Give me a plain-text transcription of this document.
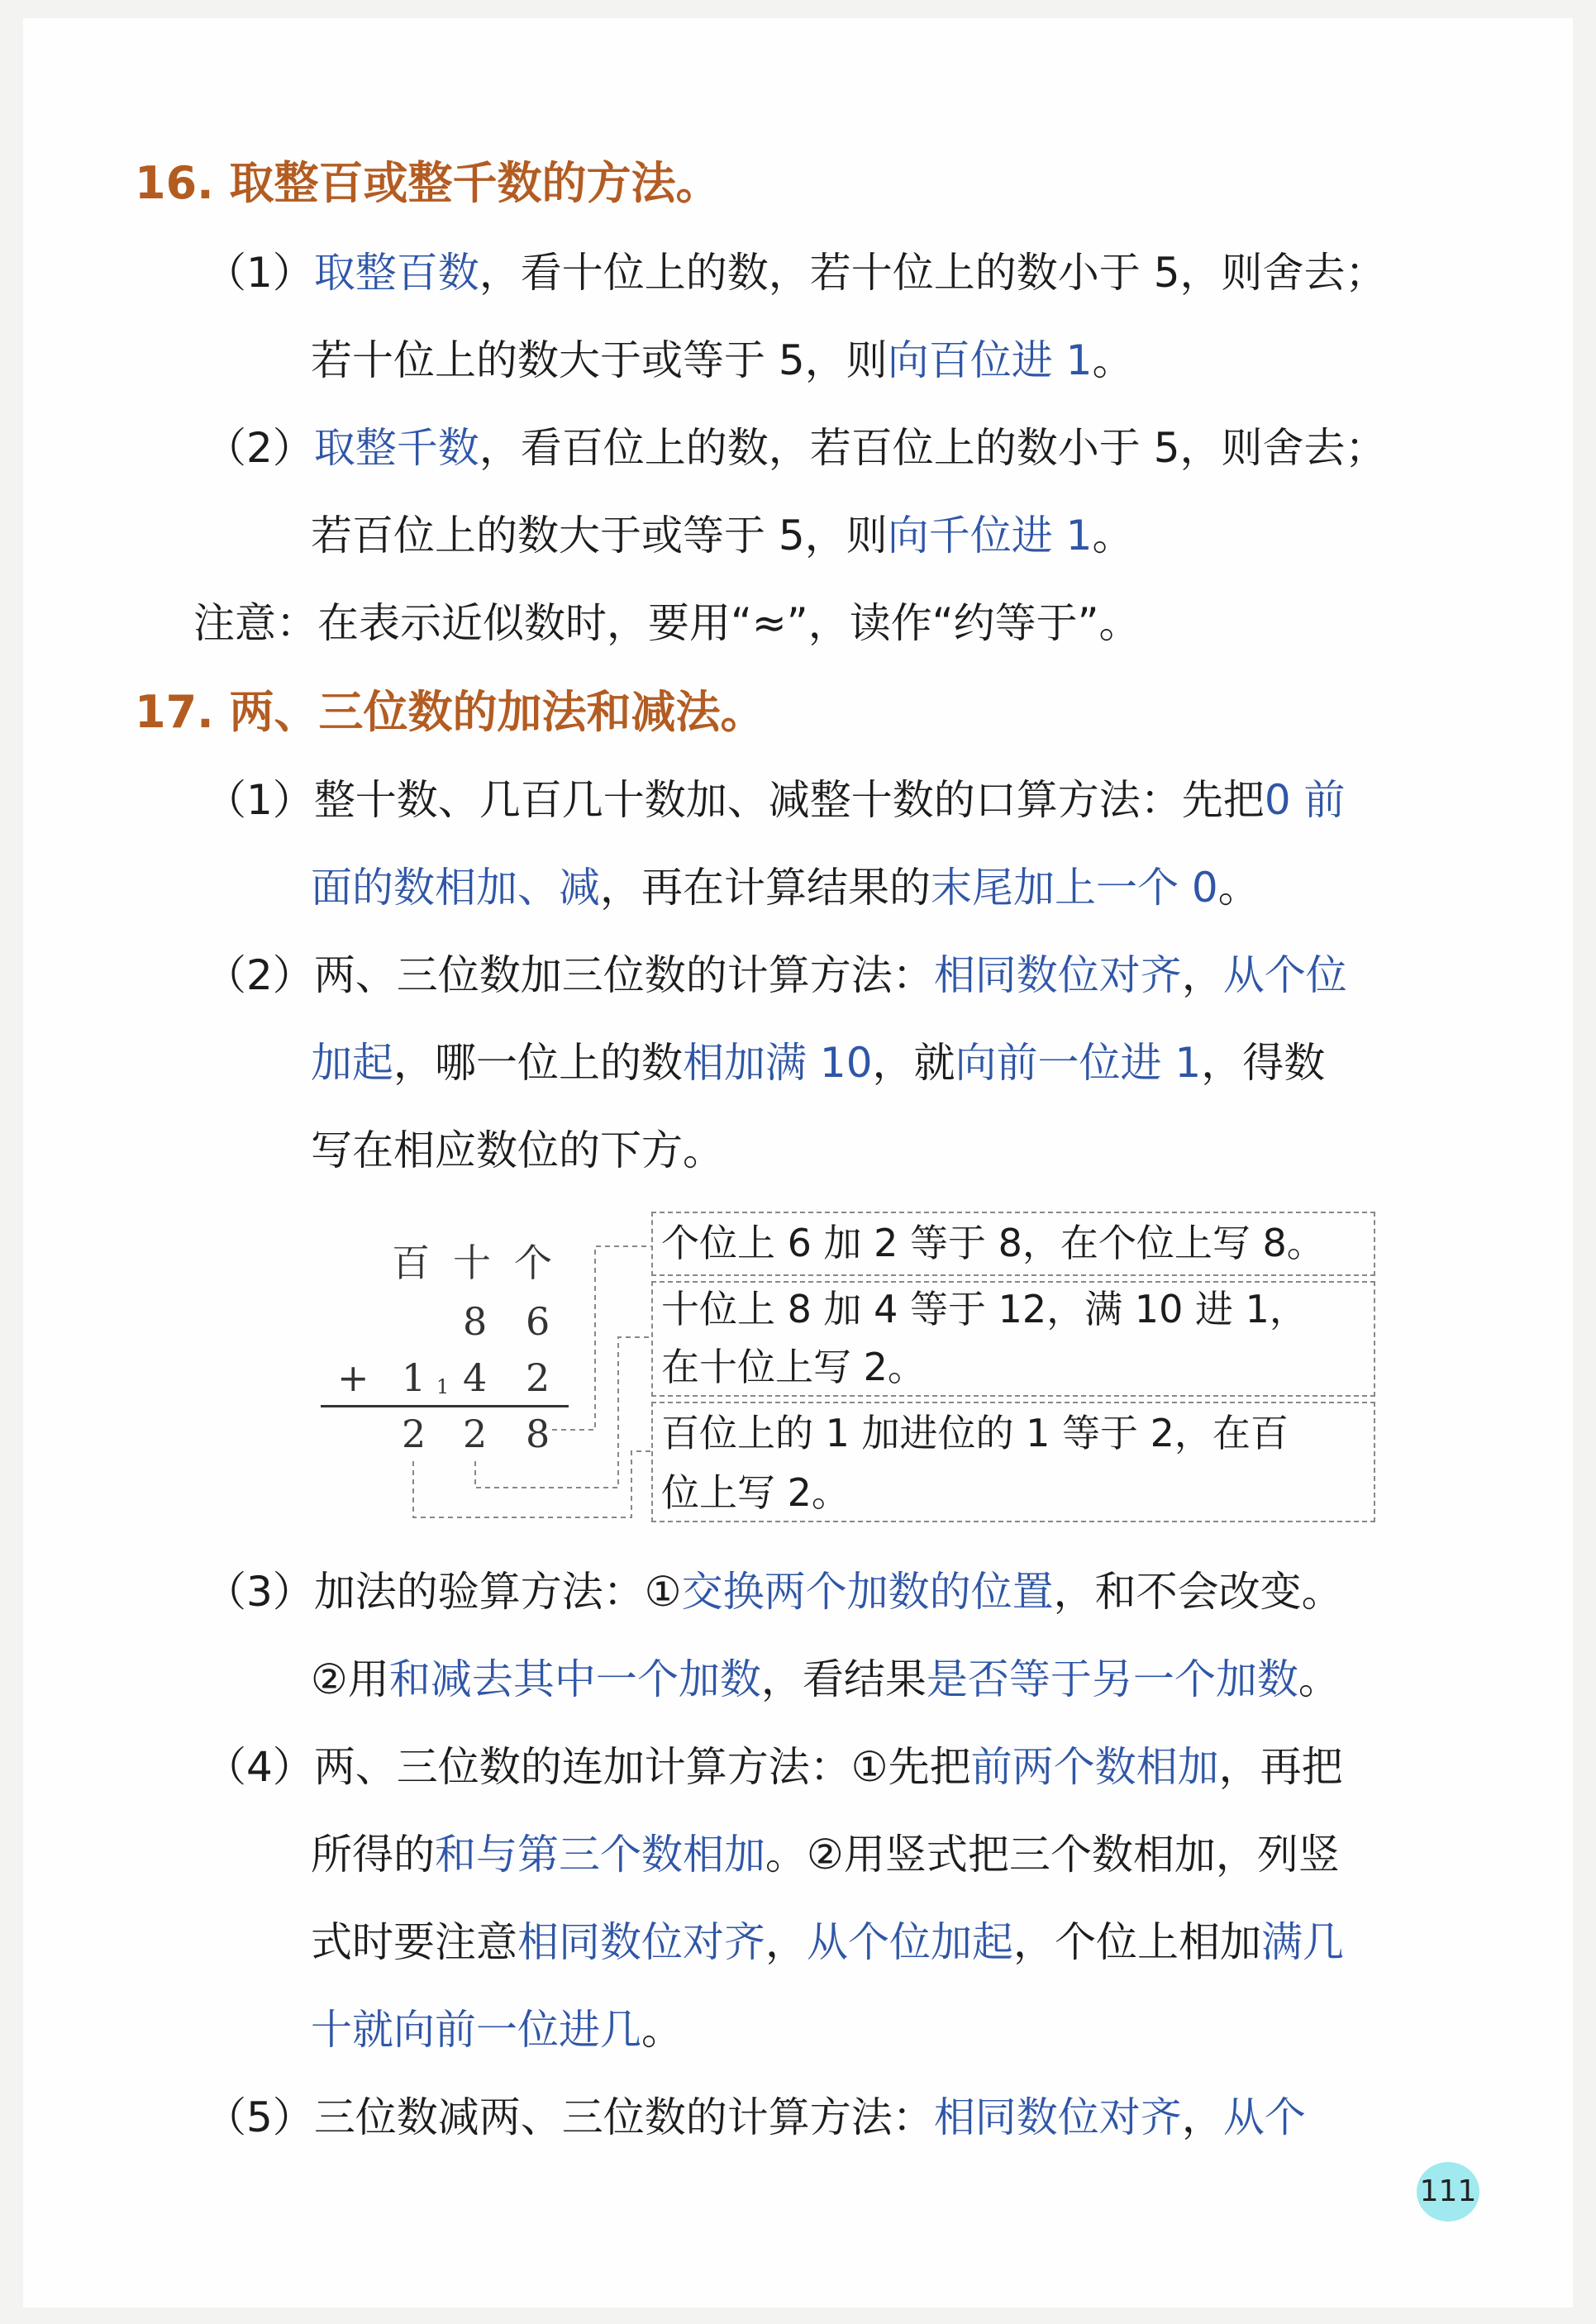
16. 取整百或整千数的方法。
（1）取整百数，看十位上的数，若十位上的数小于 5，则舍去；
若十位上的数大于或等于 5，则向百位进 1。
（2）取整千数，看百位上的数，若百位上的数小于 5，则舍去；
若百位上的数大于或等于 5，则向千位进 1。
注意：在表示近似数时，要用“≈”，读作“约等于”。
17. 两、三位数的加法和减法。
（1）整十数、几百几十数加、减整十数的口算方法：先把0 前
面的数相加、减，再在计算结果的末尾加上一个 0。
（2）两、三位数加三位数的计算方法：相同数位对齐，从个位
加起，哪一位上的数相加满 10，就向前一位进 1，得数
写在相应数位的下方。
百 十 个
8 6
+ 1 1 4 2
2 2 8
个位上 6 加 2 等于 8，在个位上写 8。
十位上 8 加 4 等于 12，满 10 进 1，
在十位上写 2。
百位上的 1 加进位的 1 等于 2，在百
位上写 2。
（3）加法的验算方法：①交换两个加数的位置，和不会改变。
②用和减去其中一个加数，看结果是否等于另一个加数。
（4）两、三位数的连加计算方法：①先把前两个数相加，再把
所得的和与第三个数相加。②用竖式把三个数相加，列竖
式时要注意相同数位对齐，从个位加起，个位上相加满几
十就向前一位进几。
（5）三位数减两、三位数的计算方法：相同数位对齐，从个
111
